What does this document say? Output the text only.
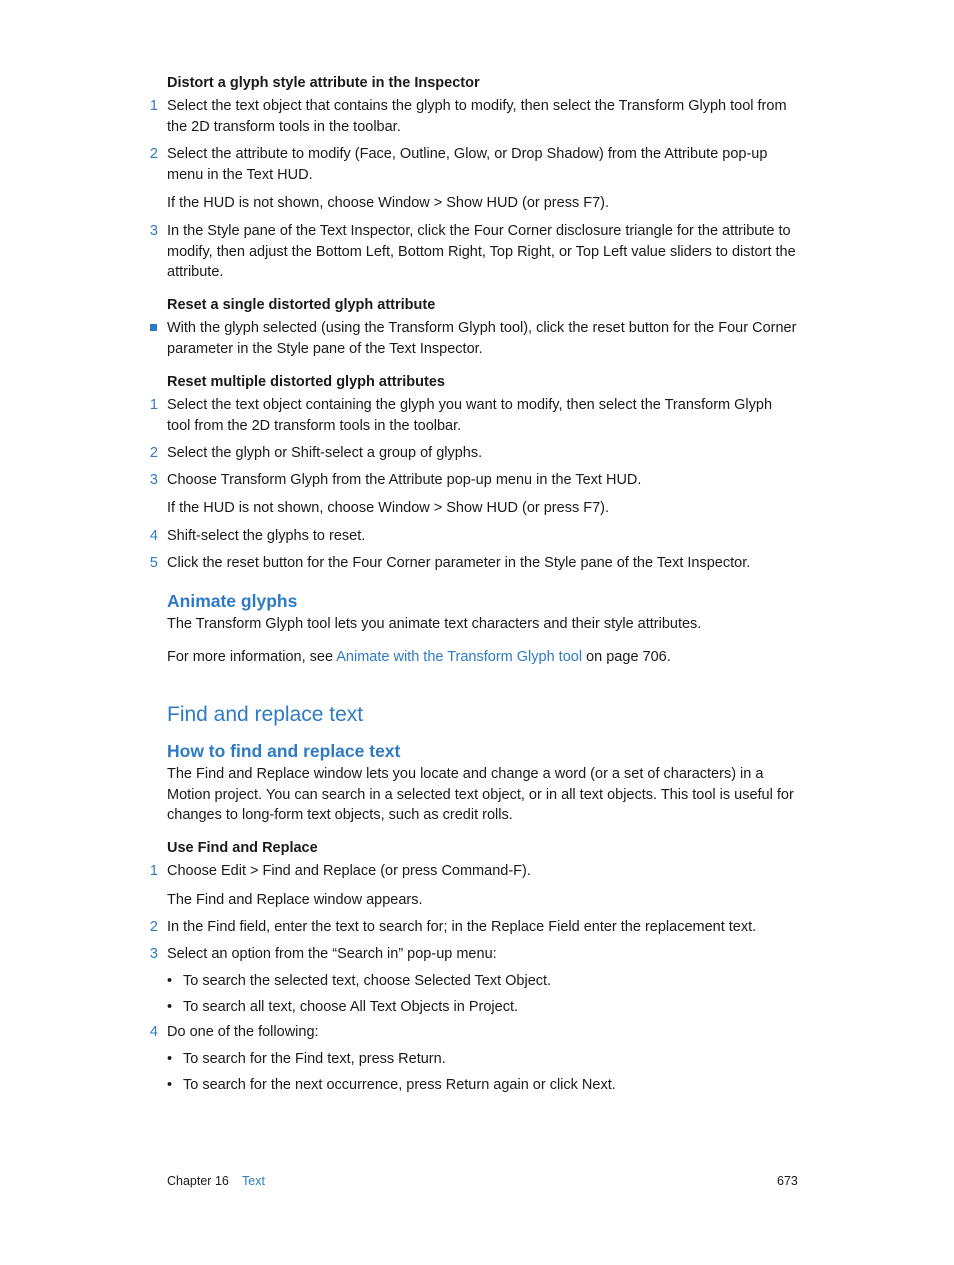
Distort a glyph style attribute in the Inspector
1 Select the text object that contains the glyph to modify, then select the Transform Glyph tool from the 2D transform tools in the toolbar.
2 Select the attribute to modify (Face, Outline, Glow, or Drop Shadow) from the Attribute pop-up menu in the Text HUD.
If the HUD is not shown, choose Window > Show HUD (or press F7).
3 In the Style pane of the Text Inspector, click the Four Corner disclosure triangle for the attribute to modify, then adjust the Bottom Left, Bottom Right, Top Right, or Top Left value sliders to distort the attribute.
Reset a single distorted glyph attribute
With the glyph selected (using the Transform Glyph tool), click the reset button for the Four Corner parameter in the Style pane of the Text Inspector.
Reset multiple distorted glyph attributes
1 Select the text object containing the glyph you want to modify, then select the Transform Glyph tool from the 2D transform tools in the toolbar.
2 Select the glyph or Shift-select a group of glyphs.
3 Choose Transform Glyph from the Attribute pop-up menu in the Text HUD.
If the HUD is not shown, choose Window > Show HUD (or press F7).
4 Shift-select the glyphs to reset.
5 Click the reset button for the Four Corner parameter in the Style pane of the Text Inspector.
Animate glyphs
The Transform Glyph tool lets you animate text characters and their style attributes.
For more information, see Animate with the Transform Glyph tool on page 706.
Find and replace text
How to find and replace text
The Find and Replace window lets you locate and change a word (or a set of characters) in a Motion project. You can search in a selected text object, or in all text objects. This tool is useful for changes to long-form text objects, such as credit rolls.
Use Find and Replace
1 Choose Edit > Find and Replace (or press Command-F).
The Find and Replace window appears.
2 In the Find field, enter the text to search for; in the Replace Field enter the replacement text.
3 Select an option from the “Search in” pop-up menu:
• To search the selected text, choose Selected Text Object.
• To search all text, choose All Text Objects in Project.
4 Do one of the following:
• To search for the Find text, press Return.
• To search for the next occurrence, press Return again or click Next.
Chapter 16 Text	673
